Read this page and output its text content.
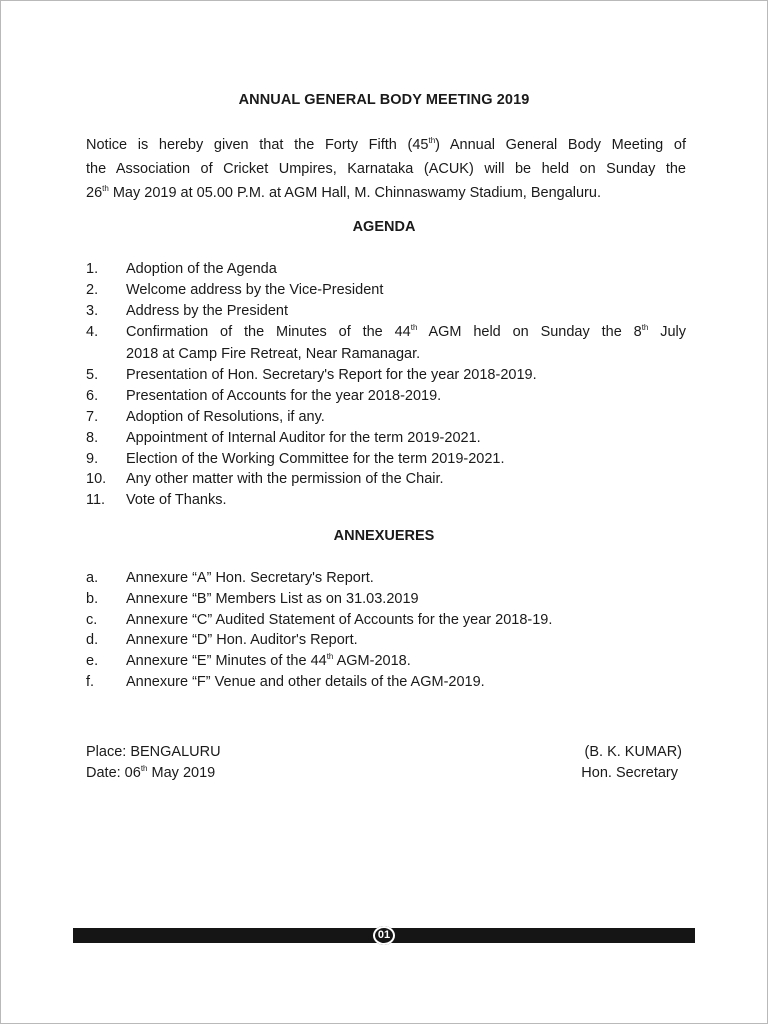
ANNUAL GENERAL BODY MEETING 2019
Notice is hereby given that the Forty Fifth (45th) Annual General Body Meeting of
the Association of Cricket Umpires, Karnataka (ACUK) will be held on Sunday the
26th May 2019 at 05.00 P.M. at AGM Hall, M. Chinnaswamy Stadium, Bengaluru.
AGENDA
1. Adoption of the Agenda
2. Welcome address by the Vice-President
3. Address by the President
4. Confirmation of the Minutes of the 44th AGM held on Sunday the 8th July
2018 at Camp Fire Retreat, Near Ramanagar.
5. Presentation of Hon. Secretary's Report for the year 2018-2019.
6. Presentation of Accounts for the year 2018-2019.
7. Adoption of Resolutions, if any.
8. Appointment of Internal Auditor for the term 2019-2021.
9. Election of the Working Committee for the term 2019-2021.
10. Any other matter with the permission of the Chair.
11. Vote of Thanks.
ANNEXUERES
a. Annexure “A” Hon. Secretary's Report.
b. Annexure “B” Members List as on 31.03.2019
c. Annexure “C” Audited Statement of Accounts for the year 2018-19.
d. Annexure “D” Hon. Auditor's Report.
e. Annexure “E” Minutes of the 44th AGM-2018.
f. Annexure “F” Venue and other details of the AGM-2019.
Place: BENGALURU
Date: 06th May 2019
(B. K. KUMAR)
Hon. Secretary
01
